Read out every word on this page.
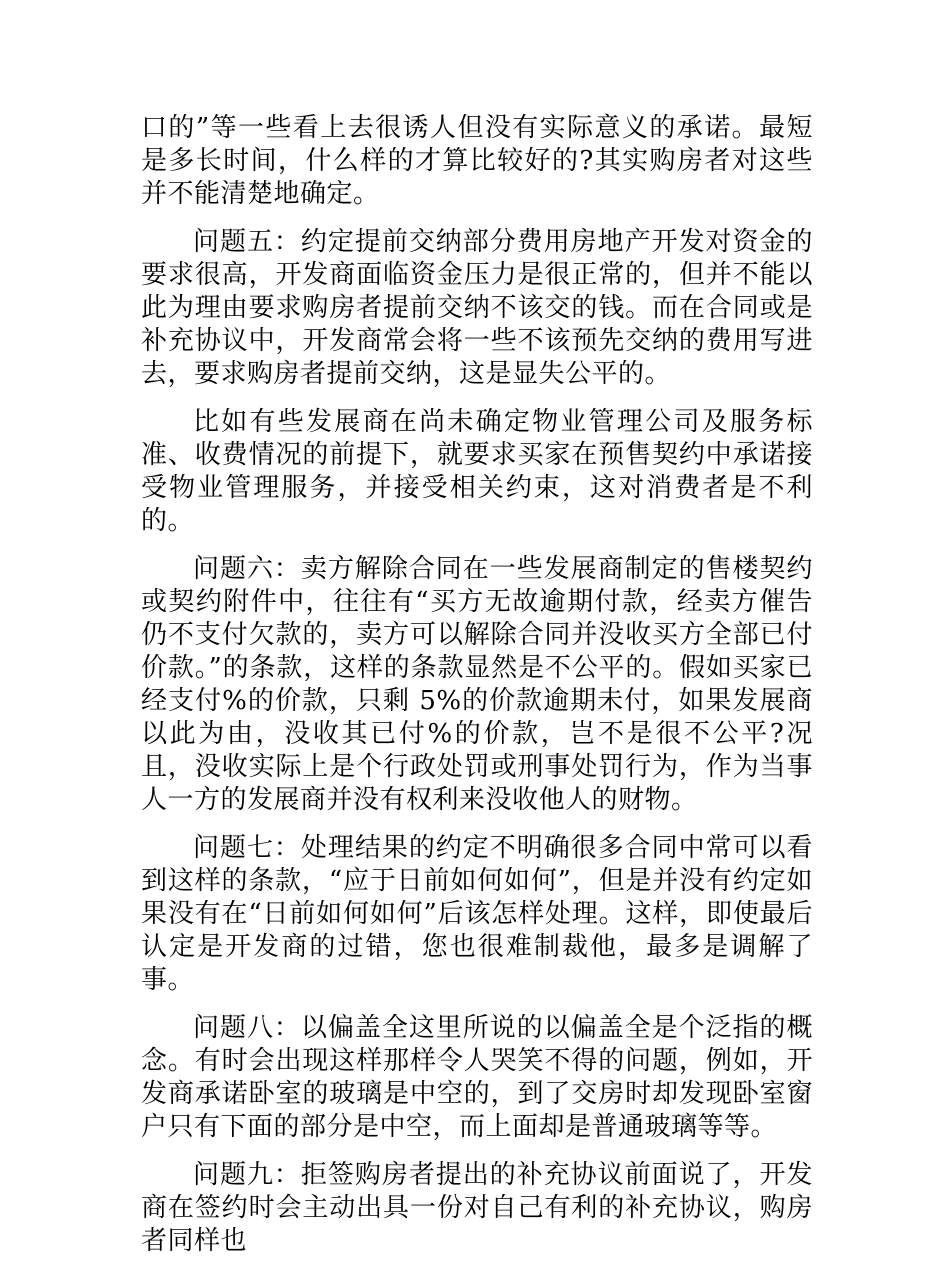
口的”等一些看上去很诱人但没有实际意义的承诺。最短是多长时间，什么样的才算比较好的?其实购房者对这些并不能清楚地确定。

问题五：约定提前交纳部分费用房地产开发对资金的要求很高，开发商面临资金压力是很正常的，但并不能以此为理由要求购房者提前交纳不该交的钱。而在合同或是补充协议中，开发商常会将一些不该预先交纳的费用写进去，要求购房者提前交纳，这是显失公平的。

比如有些发展商在尚未确定物业管理公司及服务标准、收费情况的前提下，就要求买家在预售契约中承诺接受物业管理服务，并接受相关约束，这对消费者是不利的。

问题六：卖方解除合同在一些发展商制定的售楼契约或契约附件中，往往有“买方无故逾期付款，经卖方催告仍不支付欠款的，卖方可以解除合同并没收买方全部已付价款。”的条款，这样的条款显然是不公平的。假如买家已经支付%的价款，只剩 5%的价款逾期未付，如果发展商以此为由，没收其已付%的价款，岂不是很不公平?况且，没收实际上是个行政处罚或刑事处罚行为，作为当事人一方的发展商并没有权利来没收他人的财物。

问题七：处理结果的约定不明确很多合同中常可以看到这样的条款，“应于日前如何如何”，但是并没有约定如果没有在“日前如何如何”后该怎样处理。这样，即使最后认定是开发商的过错，您也很难制裁他，最多是调解了事。

问题八：以偏盖全这里所说的以偏盖全是个泛指的概念。有时会出现这样那样令人哭笑不得的问题，例如，开发商承诺卧室的玻璃是中空的，到了交房时却发现卧室窗户只有下面的部分是中空，而上面却是普通玻璃等等。

问题九：拒签购房者提出的补充协议前面说了，开发商在签约时会主动出具一份对自己有利的补充协议，购房者同样也
